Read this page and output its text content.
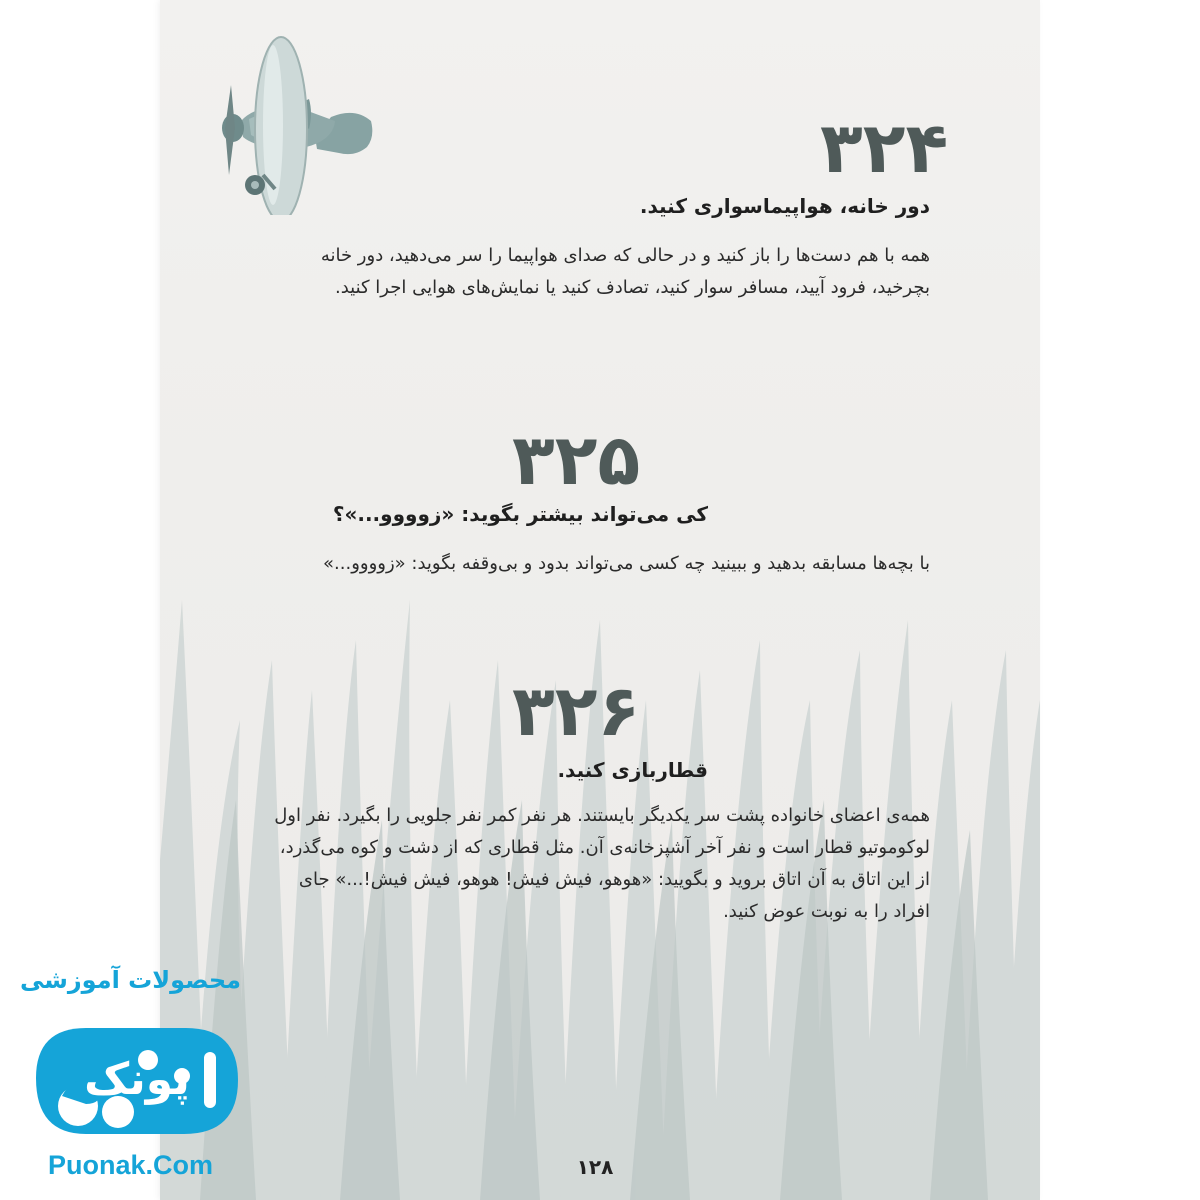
۳۲۴
دور خانه، هواپیماسواری کنید.
همه با هم دست‌ها را باز کنید و در حالی که صدای هواپیما را سر می‌دهید، دور خانه
بچرخید، فرود آیید، مسافر سوار کنید، تصادف کنید یا نمایش‌های هوایی اجرا کنید.
۳۲۵
کی می‌تواند بیشتر بگوید: «زوووو...»؟
با بچه‌ها مسابقه بدهید و ببینید چه کسی می‌تواند بدود و بی‌وقفه بگوید: «زوووو...»
۳۲۶
قطاربازی کنید.
همه‌ی اعضای خانواده پشت سر یکدیگر بایستند. هر نفر کمر نفر جلویی را بگیرد. نفر اول
لوکوموتیو قطار است و نفر آخر آشپزخانه‌ی آن. مثل قطاری که از دشت و کوه می‌گذرد،
از این اتاق به آن اتاق بروید و بگویید: «هوهو، فیش فیش! هوهو، فیش فیش!...» جای
افراد را به نوبت عوض کنید.
۱۲۸
محصولات آموزشی
پونک
Puonak.Com
